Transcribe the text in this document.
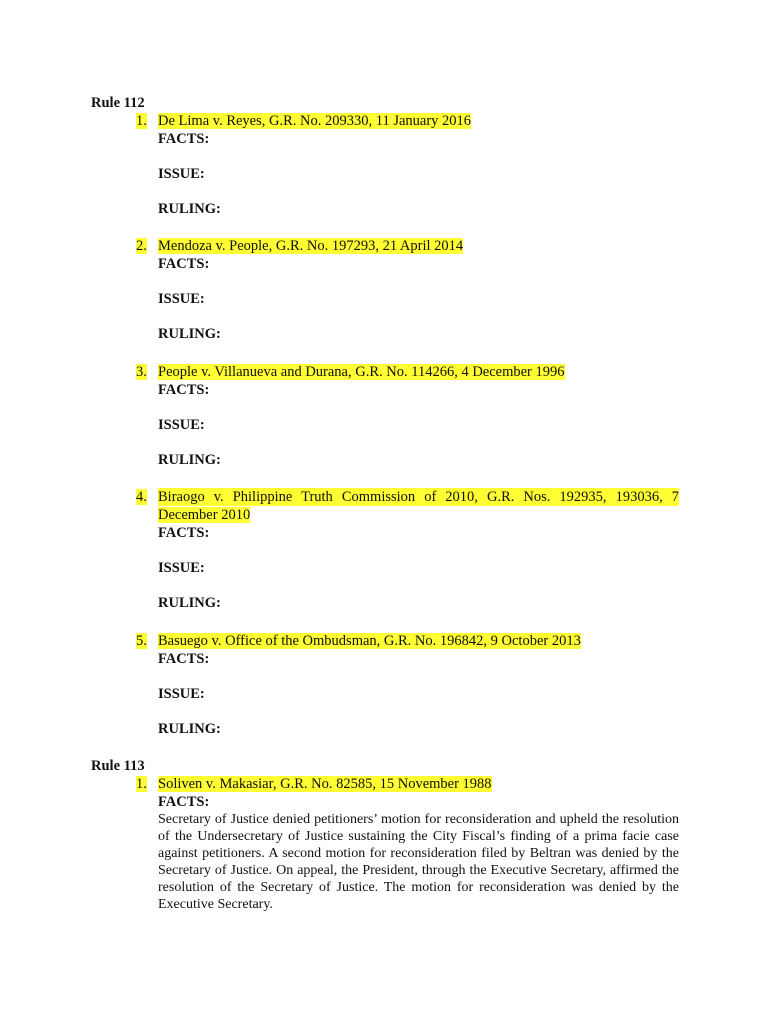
Rule 112
1. De Lima v. Reyes, G.R. No. 209330, 11 January 2016
FACTS:
ISSUE:
RULING:
2. Mendoza v. People, G.R. No. 197293, 21 April 2014
FACTS:
ISSUE:
RULING:
3. People v. Villanueva and Durana, G.R. No. 114266, 4 December 1996
FACTS:
ISSUE:
RULING:
4. Biraogo v. Philippine Truth Commission of 2010, G.R. Nos. 192935, 193036, 7
December 2010
FACTS:
ISSUE:
RULING:
5. Basuego v. Office of the Ombudsman, G.R. No. 196842, 9 October 2013
FACTS:
ISSUE:
RULING:
Rule 113
1. Soliven v. Makasiar, G.R. No. 82585, 15 November 1988
FACTS:
Secretary of Justice denied petitioners’ motion for reconsideration and upheld the resolution of the Undersecretary of Justice sustaining the City Fiscal’s finding of a prima facie case against petitioners. A second motion for reconsideration filed by Beltran was denied by the Secretary of Justice. On appeal, the President, through the Executive Secretary, affirmed the resolution of the Secretary of Justice. The motion for reconsideration was denied by the Executive Secretary.
